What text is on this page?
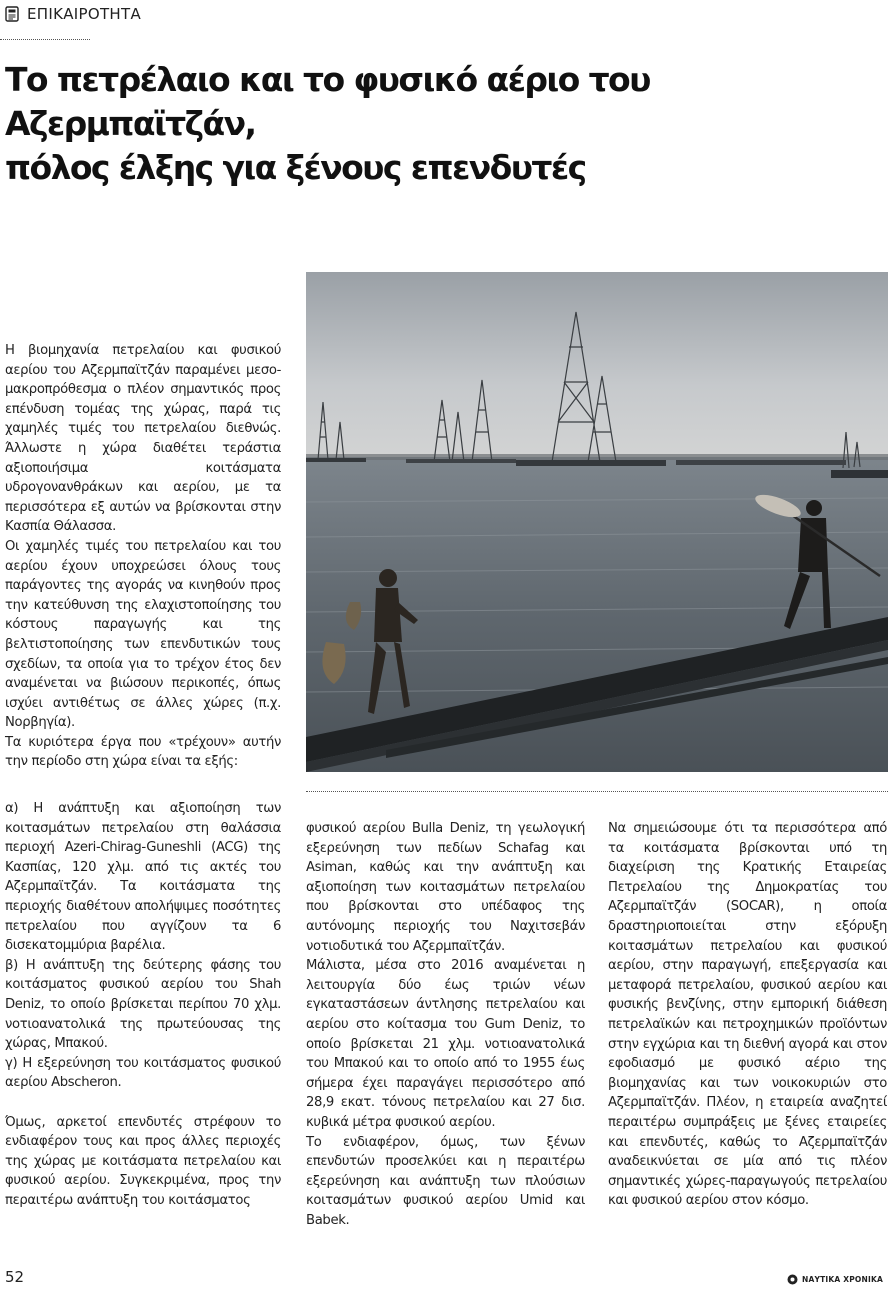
ΕΠΙΚΑΙΡΟΤΗΤΑ
Το πετρέλαιο και το φυσικό αέριο του Αζερμπαϊτζάν,
πόλος έλξης για ξένους επενδυτές

Η βιομηχανία πετρελαίου και φυσικού αερίου του Αζερμπαϊτζάν παραμένει μεσο-μακροπρόθεσμα ο πλέον σημαντικός προς επένδυση τομέας της χώρας, παρά τις χαμηλές τιμές του πετρελαίου διεθνώς. Άλλωστε η χώρα διαθέτει τεράστια αξιοποιήσιμα κοιτάσματα υδρογονανθράκων και αερίου, με τα περισσότερα εξ αυτών να βρίσκονται στην Κασπία Θάλασσα.

Οι χαμηλές τιμές του πετρελαίου και του αερίου έχουν υποχρεώσει όλους τους παράγοντες της αγοράς να κινηθούν προς την κατεύθυνση της ελαχιστοποίησης του κόστους παραγωγής και της βελτιστοποίησης των επενδυτικών τους σχεδίων, τα οποία για το τρέχον έτος δεν αναμένεται να βιώσουν περικοπές, όπως ισχύει αντιθέτως σε άλλες χώρες (π.χ. Νορβηγία).

Τα κυριότερα έργα που «τρέχουν» αυτήν την περίοδο στη χώρα είναι τα εξής:

α) Η ανάπτυξη και αξιοποίηση των κοιτασμάτων πετρελαίου στη θαλάσσια περιοχή Azeri-Chirag-Guneshli (ACG) της Κασπίας, 120 χλμ. από τις ακτές του Αζερμπαϊτζάν. Τα κοιτάσματα της περιοχής διαθέτουν απολήψιμες ποσότητες πετρελαίου που αγγίζουν τα 6 δισεκατομμύρια βαρέλια.

β) Η ανάπτυξη της δεύτερης φάσης του κοιτάσματος φυσικού αερίου του Shah Deniz, το οποίο βρίσκεται περίπου 70 χλμ. νοτιοανατολικά της πρωτεύουσας της χώρας, Μπακού.

γ) Η εξερεύνηση του κοιτάσματος φυσικού αερίου Abscheron.

Όμως, αρκετοί επενδυτές στρέφουν το ενδιαφέρον τους και προς άλλες περιοχές της χώρας με κοιτάσματα πετρελαίου και φυσικού αερίου. Συγκεκριμένα, προς την περαιτέρω ανάπτυξη του κοιτάσματος

φυσικού αερίου Bulla Deniz, τη γεωλογική εξερεύνηση των πεδίων Schafag και Asiman, καθώς και την ανάπτυξη και αξιοποίηση των κοιτασμάτων πετρελαίου που βρίσκονται στο υπέδαφος της αυτόνομης περιοχής του Ναχιτσεβάν νοτιοδυτικά του Αζερμπαϊτζάν.

Μάλιστα, μέσα στο 2016 αναμένεται η λειτουργία δύο έως τριών νέων εγκαταστάσεων άντλησης πετρελαίου και αερίου στο κοίτασμα του Gum Deniz, το οποίο βρίσκεται 21 χλμ. νοτιοανατολικά του Μπακού και το οποίο από το 1955 έως σήμερα έχει παραγάγει περισσότερο από 28,9 εκατ. τόνους πετρελαίου και 27 δισ. κυβικά μέτρα φυσικού αερίου.

Το ενδιαφέρον, όμως, των ξένων επενδυτών προσελκύει και η περαιτέρω εξερεύνηση και ανάπτυξη των πλούσιων κοιτασμάτων φυσικού αερίου Umid και Babek.

Να σημειώσουμε ότι τα περισσότερα από τα κοιτάσματα βρίσκονται υπό τη διαχείριση της Κρατικής Εταιρείας Πετρελαίου της Δημοκρατίας του Αζερμπαϊτζάν (SOCAR), η οποία δραστηριοποιείται στην εξόρυξη κοιτασμάτων πετρελαίου και φυσικού αερίου, στην παραγωγή, επεξεργασία και μεταφορά πετρελαίου, φυσικού αερίου και φυσικής βενζίνης, στην εμπορική διάθεση πετρελαϊκών και πετροχημικών προϊόντων στην εγχώρια και τη διεθνή αγορά και στον εφοδιασμό με φυσικό αέριο της βιομηχανίας και των νοικοκυριών στο Αζερμπαϊτζάν. Πλέον, η εταιρεία αναζητεί περαιτέρω συμπράξεις με ξένες εταιρείες και επενδυτές, καθώς το Αζερμπαϊτζάν αναδεικνύεται σε μία από τις πλέον σημαντικές χώρες-παραγωγούς πετρελαίου και φυσικού αερίου στον κόσμο.

52	ΝΑΥΤΙΚΑ ΧΡΟΝΙΚΑ
